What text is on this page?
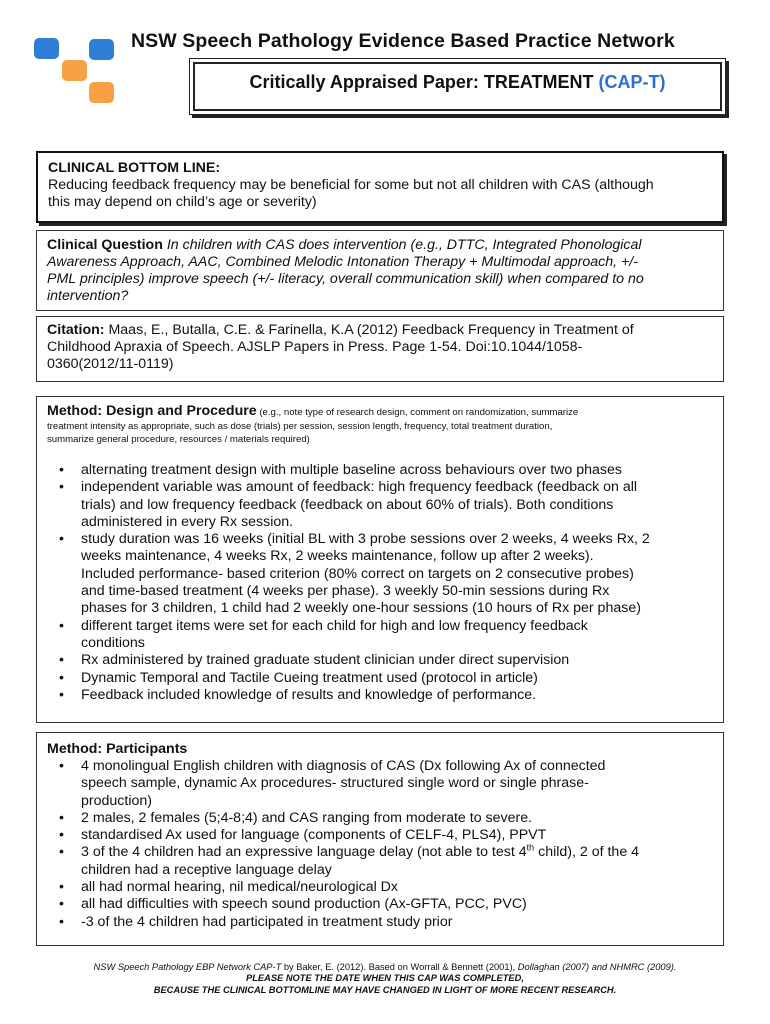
NSW Speech Pathology Evidence Based Practice Network
Critically Appraised Paper: TREATMENT (CAP-T)

CLINICAL BOTTOM LINE:

Reducing feedback frequency may be beneficial for some but not all children with CAS (although

this may depend on child’s age or severity)

Clinical Question In children with CAS does intervention (e.g., DTTC, Integrated Phonological

Awareness Approach, AAC, Combined Melodic Intonation Therapy + Multimodal approach, +/-

PML principles) improve speech (+/- literacy, overall communication skill) when compared to no

intervention?

Citation: Maas, E., Butalla, C.E. & Farinella, K.A (2012) Feedback Frequency in Treatment of

Childhood Apraxia of Speech. AJSLP Papers in Press. Page 1-54. Doi:10.1044/1058-

0360(2012/11-0119)

Method: Design and Procedure (e.g., note type of research design, comment on randomization, summarize

treatment intensity as appropriate, such as dose (trials) per session, session length, frequency, total treatment duration,

summarize general procedure, resources / materials required)

• alternating treatment design with multiple baseline across behaviours over two phases
• independent variable was amount of feedback: high frequency feedback (feedback on all
trials) and low frequency feedback (feedback on about 60% of trials). Both conditions
administered in every Rx session.
• study duration was 16 weeks (initial BL with 3 probe sessions over 2 weeks, 4 weeks Rx, 2
weeks maintenance, 4 weeks Rx, 2 weeks maintenance, follow up after 2 weeks).
Included performance- based criterion (80% correct on targets on 2 consecutive probes)
and time-based treatment (4 weeks per phase). 3 weekly 50-min sessions during Rx
phases for 3 children, 1 child had 2 weekly one-hour sessions (10 hours of Rx per phase)
• different target items were set for each child for high and low frequency feedback
conditions
• Rx administered by trained graduate student clinician under direct supervision
• Dynamic Temporal and Tactile Cueing treatment used (protocol in article)
• Feedback included knowledge of results and knowledge of performance.

Method: Participants

• 4 monolingual English children with diagnosis of CAS (Dx following Ax of connected
speech sample, dynamic Ax procedures- structured single word or single phrase-
production)
• 2 males, 2 females (5;4-8;4) and CAS ranging from moderate to severe.
• standardised Ax used for language (components of CELF-4, PLS4), PPVT
• 3 of the 4 children had an expressive language delay (not able to test 4th child), 2 of the 4
children had a receptive language delay
• all had normal hearing, nil medical/neurological Dx
• all had difficulties with speech sound production (Ax-GFTA, PCC, PVC)
• -3 of the 4 children had participated in treatment study prior
NSW Speech Pathology EBP Network CAP-T by Baker, E. (2012). Based on Worrall & Bennett (2001), Dollaghan (2007) and NHMRC (2009).
PLEASE NOTE THE DATE WHEN THIS CAP WAS COMPLETED,
BECAUSE THE CLINICAL BOTTOMLINE MAY HAVE CHANGED IN LIGHT OF MORE RECENT RESEARCH.
